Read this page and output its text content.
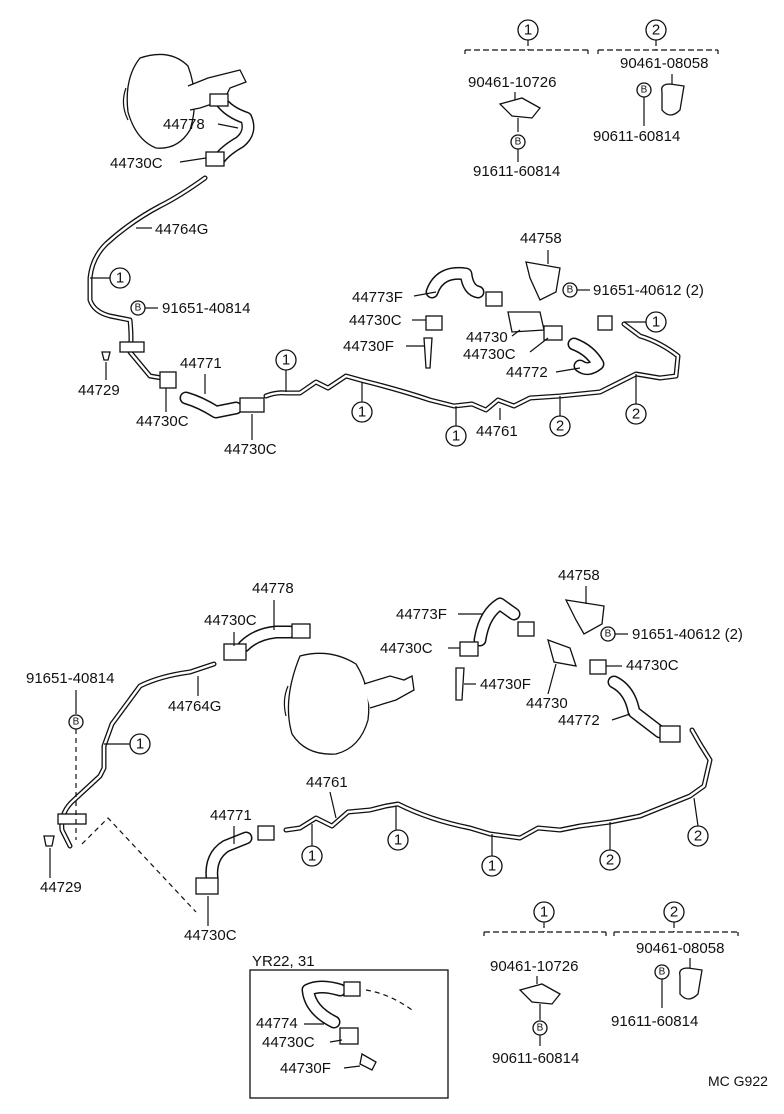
1	2
90461-10726
B
91611-60814
90461-08058
B
90611-60814
1
1
1
1
1
2
2
44778
44730C
44764G
B 91651-40814
44729
44771
44730C
44730C
44758
B 91651-40612 (2)
44773F
44730C
44730F
44730
44730C
44772
44761
1
1
1
1	2
2
44778
44730C
91651-40814
B
44764G
44729
44771
44730C
44761
44758
44773F
B 91651-40612 (2)
44730C
44730C
44730F
44730
44772
1	2
90461-10726
B
90611-60814
90461-08058
B
91611-60814
YR22, 31
44774
44730C
44730F
MC G922
